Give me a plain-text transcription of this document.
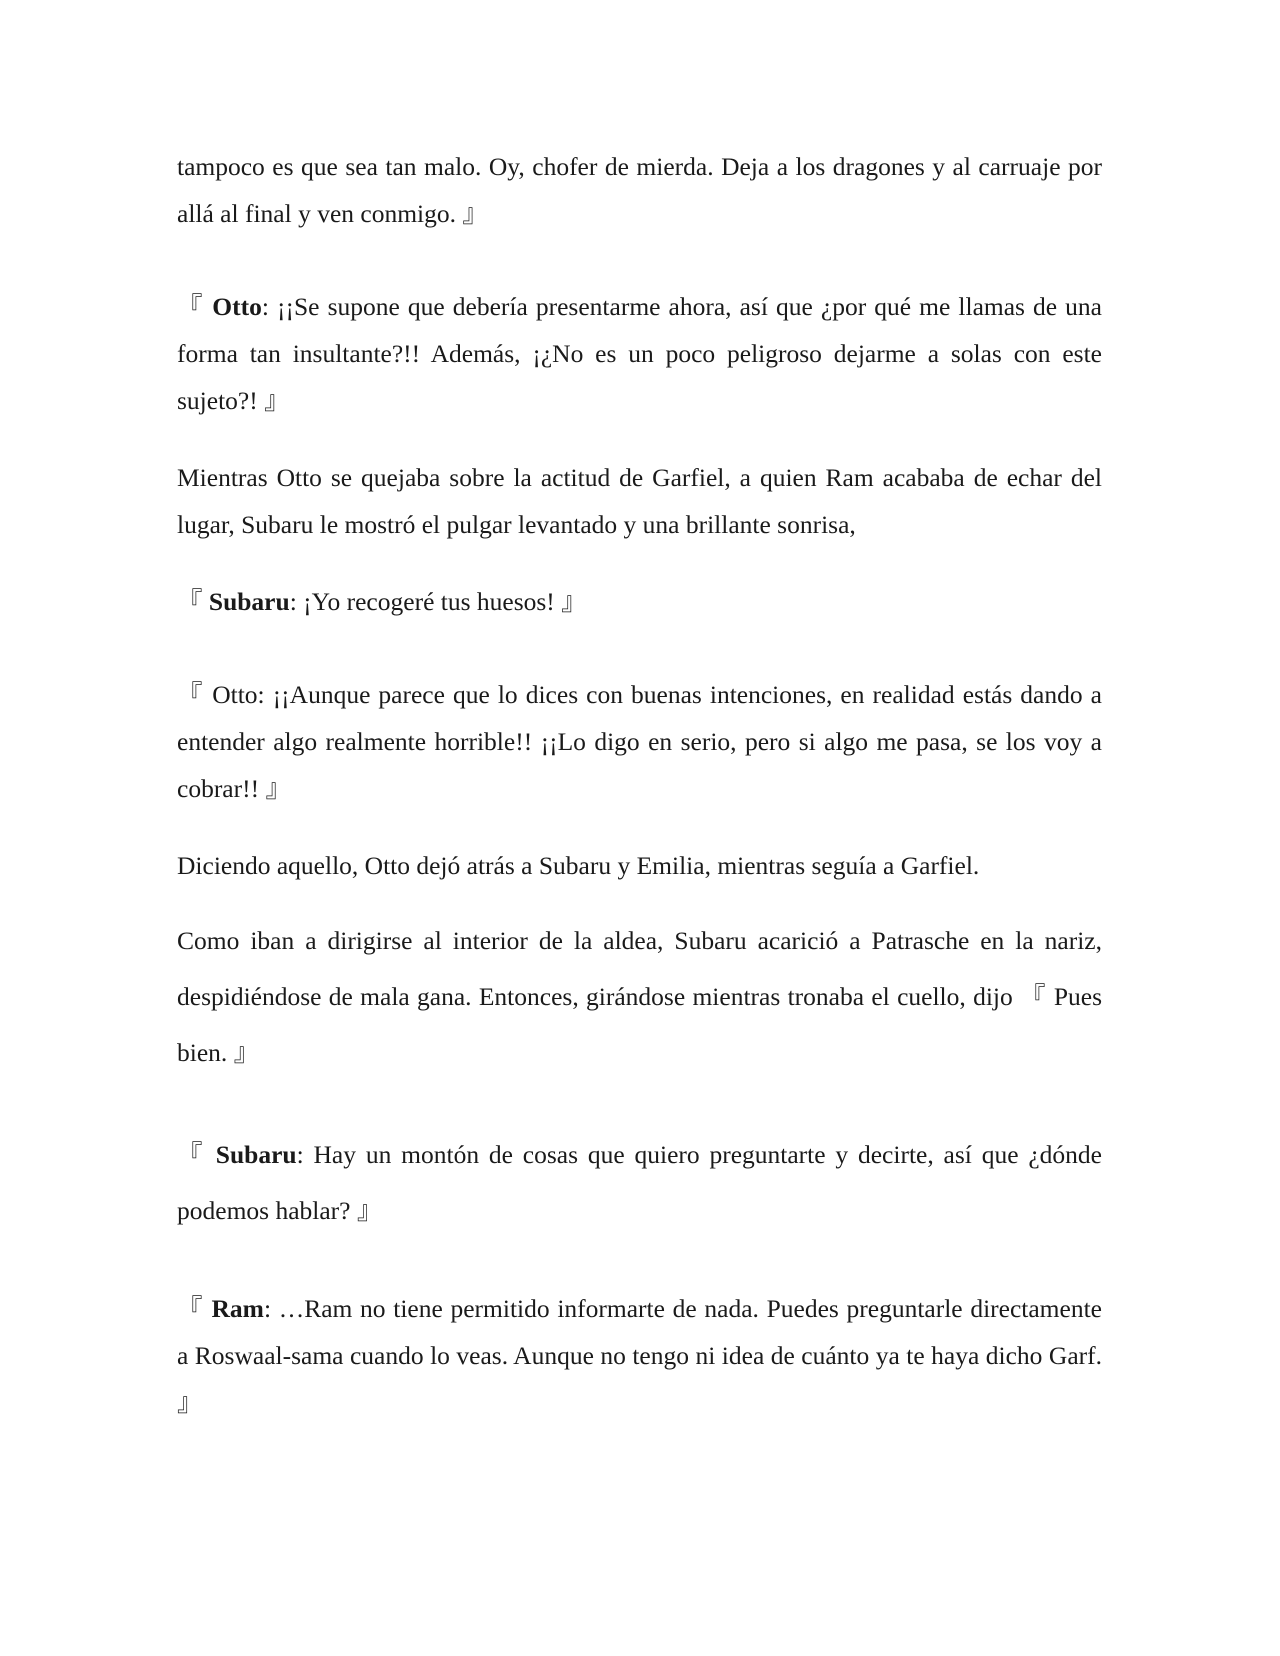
tampoco es que sea tan malo. Oy, chofer de mierda. Deja a los dragones y al carruaje por allá al final y ven conmigo. 』

『 Otto: ¡¡Se supone que debería presentarme ahora, así que ¿por qué me llamas de una forma tan insultante?!! Además, ¡¿No es un poco peligroso dejarme a solas con este sujeto?! 』

Mientras Otto se quejaba sobre la actitud de Garfiel, a quien Ram acababa de echar del lugar, Subaru le mostró el pulgar levantado y una brillante sonrisa,

『 Subaru: ¡Yo recogeré tus huesos! 』

『 Otto: ¡¡Aunque parece que lo dices con buenas intenciones, en realidad estás dando a entender algo realmente horrible!! ¡¡Lo digo en serio, pero si algo me pasa, se los voy a cobrar!! 』

Diciendo aquello, Otto dejó atrás a Subaru y Emilia, mientras seguía a Garfiel.

Como iban a dirigirse al interior de la aldea, Subaru acarició a Patrasche en la nariz, despidiéndose de mala gana. Entonces, girándose mientras tronaba el cuello, dijo 『 Pues bien. 』

『 Subaru: Hay un montón de cosas que quiero preguntarte y decirte, así que ¿dónde podemos hablar? 』

『 Ram: …Ram no tiene permitido informarte de nada. Puedes preguntarle directamente a Roswaal-sama cuando lo veas. Aunque no tengo ni idea de cuánto ya te haya dicho Garf. 』
